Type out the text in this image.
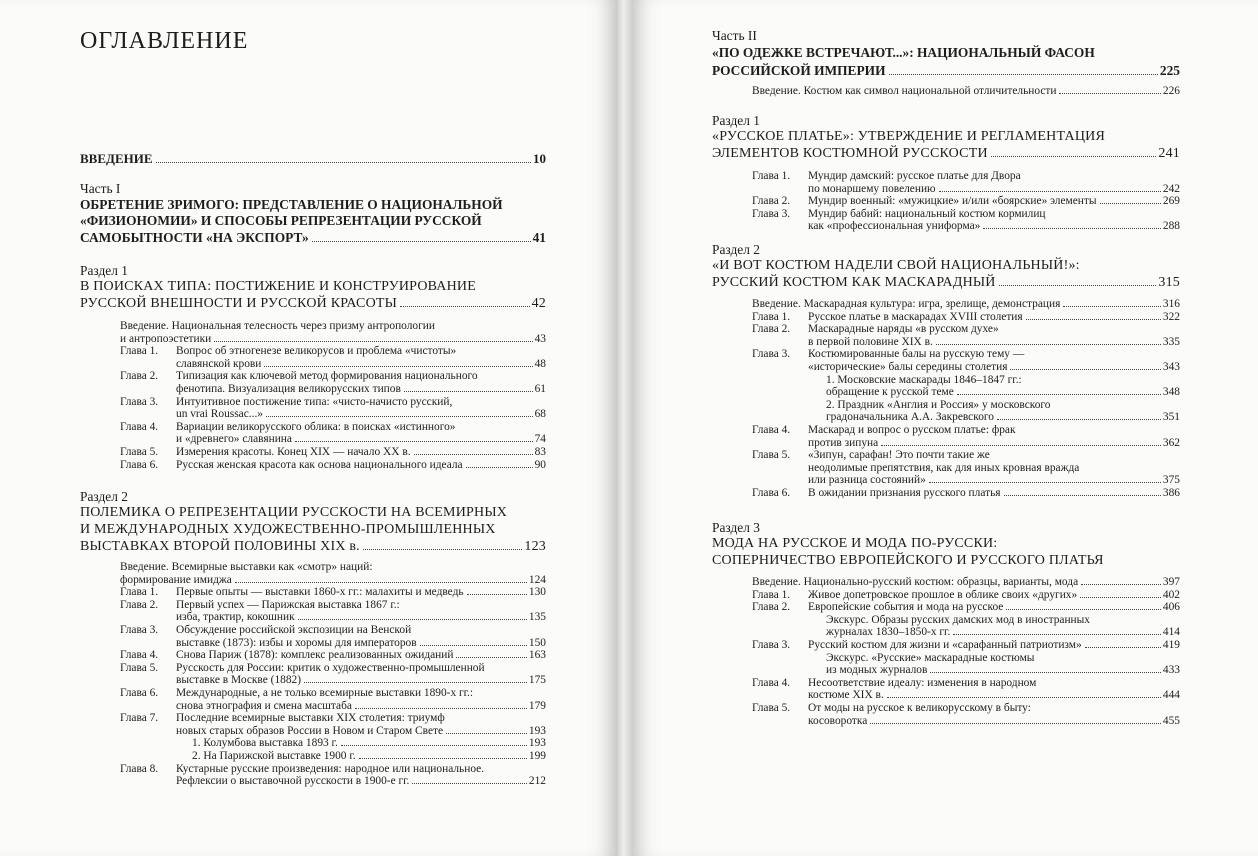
ОГЛАВЛЕНИЕ
ВВЕДЕНИЕ	10
Часть I
ОБРЕТЕНИЕ ЗРИМОГО: ПРЕДСТАВЛЕНИЕ О НАЦИОНАЛЬНОЙ
«ФИЗИОНОМИИ» И СПОСОБЫ РЕПРЕЗЕНТАЦИИ РУССКОЙ
САМОБЫТНОСТИ «НА ЭКСПОРТ»	41
Раздел 1
В ПОИСКАХ ТИПА: ПОСТИЖЕНИЕ И КОНСТРУИРОВАНИЕ
РУССКОЙ ВНЕШНОСТИ И РУССКОЙ КРАСОТЫ	42
Введение. Национальная телесность через призму антропологии
и антропоэстетики	43
Глава 1. Вопрос об этногенезе великорусов и проблема «чистоты»
славянской крови	48
Глава 2. Типизация как ключевой метод формирования национального
фенотипа. Визуализация великорусских типов	61
Глава 3. Интуитивное постижение типа: «чисто-начисто русский,
un vrai Roussac...»	68
Глава 4. Вариации великорусского облика: в поисках «истинного»
и «древнего» славянина	74
Глава 5. Измерения красоты. Конец XIX — начало XX в.	83
Глава 6. Русская женская красота как основа национального идеала	90
Раздел 2
ПОЛЕМИКА О РЕПРЕЗЕНТАЦИИ РУССКОСТИ НА ВСЕМИРНЫХ
И МЕЖДУНАРОДНЫХ ХУДОЖЕСТВЕННО-ПРОМЫШЛЕННЫХ
ВЫСТАВКАХ ВТОРОЙ ПОЛОВИНЫ XIX в.	123
Введение. Всемирные выставки как «смотр» наций:
формирование имиджа	124
Глава 1. Первые опыты — выставки 1860-х гг.: малахиты и медведь	130
Глава 2. Первый успех — Парижская выставка 1867 г.:
изба, трактир, кокошник	135
Глава 3. Обсуждение российской экспозиции на Венской
выставке (1873): избы и хоромы для императоров	150
Глава 4. Снова Париж (1878): комплекс реализованных ожиданий	163
Глава 5. Русскость для России: критик о художественно-промышленной
выставке в Москве (1882)	175
Глава 6. Международные, а не только всемирные выставки 1890-х гг.:
снова этнография и смена масштаба	179
Глава 7. Последние всемирные выставки XIX столетия: триумф
новых старых образов России в Новом и Старом Свете	193
1. Колумбова выставка 1893 г.	193
2. На Парижской выставке 1900 г.	199
Глава 8. Кустарные русские произведения: народное или национальное.
Рефлексии о выставочной русскости в 1900-е гг.	212
Часть II
«ПО ОДЕЖКЕ ВСТРЕЧАЮТ...»: НАЦИОНАЛЬНЫЙ ФАСОН
РОССИЙСКОЙ ИМПЕРИИ	225
Введение. Костюм как символ национальной отличительности	226
Раздел 1
«РУССКОЕ ПЛАТЬЕ»: УТВЕРЖДЕНИЕ И РЕГЛАМЕНТАЦИЯ
ЭЛЕМЕНТОВ КОСТЮМНОЙ РУССКОСТИ	241
Глава 1. Мундир дамский: русское платье для Двора
по монаршему повелению	242
Глава 2. Мундир военный: «мужицкие» и/или «боярские» элементы	269
Глава 3. Мундир бабий: национальный костюм кормилиц
как «профессиональная униформа»	288
Раздел 2
«И ВОТ КОСТЮМ НАДЕЛИ СВОЙ НАЦИОНАЛЬНЫЙ!»:
РУССКИЙ КОСТЮМ КАК МАСКАРАДНЫЙ	315
Введение. Маскарадная культура: игра, зрелище, демонстрация	316
Глава 1. Русское платье в маскарадах XVIII столетия	322
Глава 2. Маскарадные наряды «в русском духе»
в первой половине XIX в.	335
Глава 3. Костюмированные балы на русскую тему —
«исторические» балы середины столетия	343
1. Московские маскарады 1846–1847 гг.:
обращение к русской теме	348
2. Праздник «Англия и Россия» у московского
градоначальника А.А. Закревского	351
Глава 4. Маскарад и вопрос о русском платье: фрак
против зипуна	362
Глава 5. «Зипун, сарафан! Это почти такие же
неодолимые препятствия, как для иных кровная вражда
или разница состояний»	375
Глава 6. В ожидании признания русского платья	386
Раздел 3
МОДА НА РУССКОЕ И МОДА ПО-РУССКИ:
СОПЕРНИЧЕСТВО ЕВРОПЕЙСКОГО И РУССКОГО ПЛАТЬЯ
Введение. Национально-русский костюм: образцы, варианты, мода	397
Глава 1. Живое допетровское прошлое в облике своих «других»	402
Глава 2. Европейские события и мода на русское	406
Экскурс. Образы русских дамских мод в иностранных
журналах 1830–1850-х гг.	414
Глава 3. Русский костюм для жизни и «сарафанный патриотизм»	419
Экскурс. «Русские» маскарадные костюмы
из модных журналов	433
Глава 4. Несоответствие идеалу: изменения в народном
костюме XIX в.	444
Глава 5. От моды на русское к великорусскому в быту:
косоворотка	455
